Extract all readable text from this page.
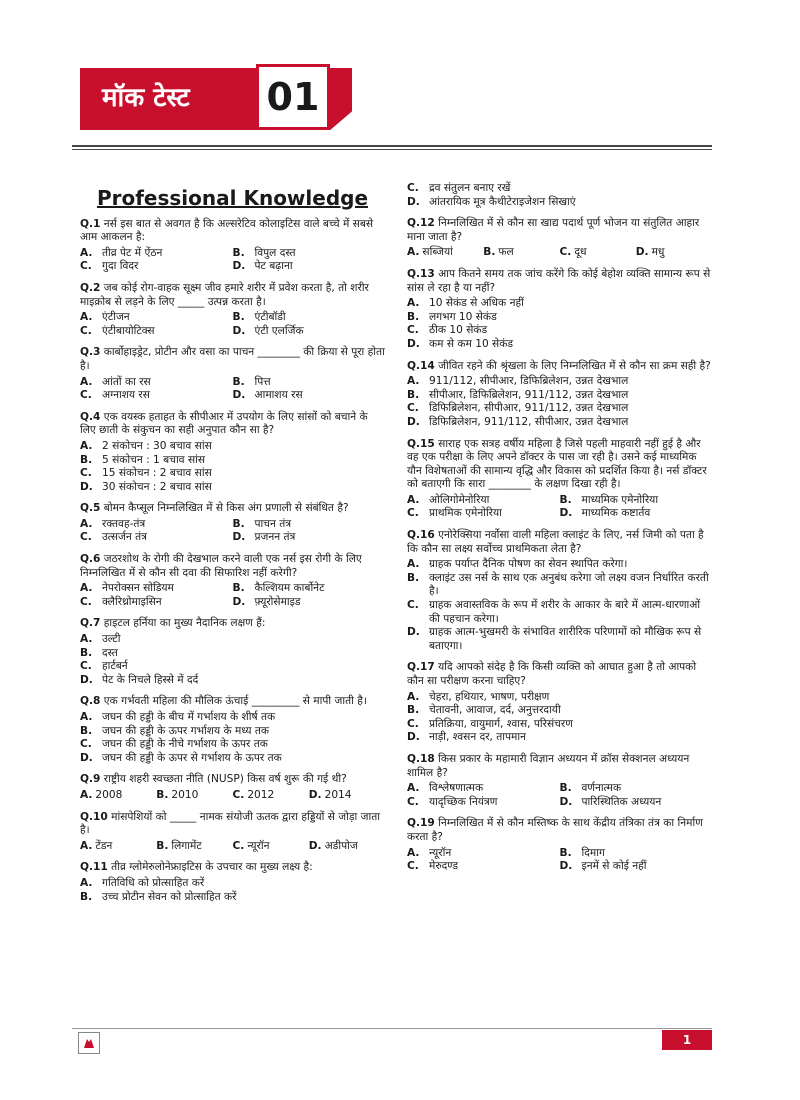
मॉक टेस्ट 01
Professional Knowledge
Q.1 नर्स इस बात से अवगत है कि अल्सरेटिव कोलाइटिस वाले बच्चे में सबसे आम आकलन है:
A. तीव्र पेट में ऐंठन	B. विपुल दस्त
C. गुदा विदर	D. पेट बढ़ाना
Q.2 जब कोई रोग-वाहक सूक्ष्म जीव हमारे शरीर में प्रवेश करता है, तो शरीर माइक्रोब से लड़ने के लिए _____ उत्पन्न करता है।
A. एंटीजन	B. एंटीबॉडी
C. एंटीबायोटिक्स	D. एंटी एलर्जिक
Q.3 कार्बोहाइड्रेट, प्रोटीन और वसा का पाचन ________ की क्रिया से पूरा होता है।
A. आंतों का रस	B. पित्त
C. अग्नाशय रस	D. आमाशय रस
Q.4 एक वयस्क हताहत के सीपीआर में उपयोग के लिए सांसों को बचाने के लिए छाती के संकुचन का सही अनुपात कौन सा है?
A. 2 संकोचन : 30 बचाव सांस
B. 5 संकोचन : 1 बचाव सांस
C. 15 संकोचन : 2 बचाव सांस
D. 30 संकोचन : 2 बचाव सांस
Q.5 बोमन कैप्सूल निम्नलिखित में से किस अंग प्रणाली से संबंधित है?
A. रक्तवह-तंत्र	B. पाचन तंत्र
C. उत्सर्जन तंत्र	D. प्रजनन तंत्र
Q.6 जठरशोथ के रोगी की देखभाल करने वाली एक नर्स इस रोगी के लिए निम्नलिखित में से कौन सी दवा की सिफारिश नहीं करेगी?
A. नेपरोक्सन सोडियम	B. कैल्शियम कार्बोनेट
C. क्लैरिथ्रोमाइसिन	D. फ़्यूरोसेमाइड
Q.7 हाइटल हर्निया का मुख्य नैदानिक लक्षण हैं:
A. उल्टी
B. दस्त
C. हार्टबर्न
D. पेट के निचले हिस्से में दर्द
Q.8 एक गर्भवती महिला की मौलिक ऊंचाई _________ से मापी जाती है।
A. जघन की हड्डी के बीच में गर्भाशय के शीर्ष तक
B. जघन की हड्डी के ऊपर गर्भाशय के मध्य तक
C. जघन की हड्डी के नीचे गर्भाशय के ऊपर तक
D. जघन की हड्डी के ऊपर से गर्भाशय के ऊपर तक
Q.9 राष्ट्रीय शहरी स्वच्छता नीति (NUSP) किस वर्ष शुरू की गई थी?
A. 2008	B. 2010	C. 2012	D. 2014
Q.10 मांसपेशियों को _____ नामक संयोजी ऊतक द्वारा हड्डियों से जोड़ा जाता है।
A. टेंडन	B. लिगामेंट	C. न्यूरॉन	D. अडीपोज
Q.11 तीव्र ग्लोमेरुलोनेफ्राइटिस के उपचार का मुख्य लक्ष्य है:
A. गतिविधि को प्रोत्साहित करें
B. उच्च प्रोटीन सेवन को प्रोत्साहित करें
C. द्रव संतुलन बनाए रखें
D. आंतरायिक मूत्र कैथीटेराइजेशन सिखाएं
Q.12 निम्नलिखित में से कौन सा खाद्य पदार्थ पूर्ण भोजन या संतुलित आहार माना जाता है?
A. सब्जियां	B. फल	C. दूध	D. मधु
Q.13 आप कितने समय तक जांच करेंगे कि कोई बेहोश व्यक्ति सामान्य रूप से सांस ले रहा है या नहीं?
A. 10 सेकंड से अधिक नहीं
B. लगभग 10 सेकंड
C. ठीक 10 सेकंड
D. कम से कम 10 सेकंड
Q.14 जीवित रहने की श्रृंखला के लिए निम्नलिखित में से कौन सा क्रम सही है?
A. 911/112, सीपीआर, डिफिब्रिलेशन, उन्नत देखभाल
B. सीपीआर, डिफिब्रिलेशन, 911/112, उन्नत देखभाल
C. डिफिब्रिलेशन, सीपीआर, 911/112, उन्नत देखभाल
D. डिफिब्रिलेशन, 911/112, सीपीआर, उन्नत देखभाल
Q.15 साराह एक सत्रह वर्षीय महिला है जिसे पहली माहवारी नहीं हुई है और वह एक परीक्षा के लिए अपने डॉक्टर के पास जा रही है। उसने कई माध्यमिक यौन विशेषताओं की सामान्य वृद्धि और विकास को प्रदर्शित किया है। नर्स डॉक्टर को बताएगी कि सारा ________ के लक्षण दिखा रही है।
A. ओलिगोमेनोरिया	B. माध्यमिक एमेनोरिया
C. प्राथमिक एमेनोरिया	D. माध्यमिक कष्टार्तव
Q.16 एनोरेक्सिया नर्वोसा वाली महिला क्लाइंट के लिए, नर्स जिमी को पता है कि कौन सा लक्ष्य सर्वोच्च प्राथमिकता लेता है?
A. ग्राहक पर्याप्त दैनिक पोषण का सेवन स्थापित करेगा।
B. क्लाइंट उस नर्स के साथ एक अनुबंध करेगा जो लक्ष्य वजन निर्धारित करती है।
C. ग्राहक अवास्तविक के रूप में शरीर के आकार के बारे में आत्म-धारणाओं की पहचान करेगा।
D. ग्राहक आत्म-भुखमरी के संभावित शारीरिक परिणामों को मौखिक रूप से बताएगा।
Q.17 यदि आपको संदेह है कि किसी व्यक्ति को आघात हुआ है तो आपको कौन सा परीक्षण करना चाहिए?
A. चेहरा, हथियार, भाषण, परीक्षण
B. चेतावनी, आवाज, दर्द, अनुत्तरदायी
C. प्रतिक्रिया, वायुमार्ग, श्वास, परिसंचरण
D. नाड़ी, श्वसन दर, तापमान
Q.18 किस प्रकार के महामारी विज्ञान अध्ययन में क्रॉस सेक्शनल अध्ययन शामिल है?
A. विश्लेषणात्मक	B. वर्णनात्मक
C. यादृच्छिक नियंत्रण	D. पारिस्थितिक अध्ययन
Q.19 निम्नलिखित में से कौन मस्तिष्क के साथ केंद्रीय तंत्रिका तंत्र का निर्माण करता है?
A. न्यूरॉन	B. दिमाग
C. मेरुदण्ड	D. इनमें से कोई नहीं
1
